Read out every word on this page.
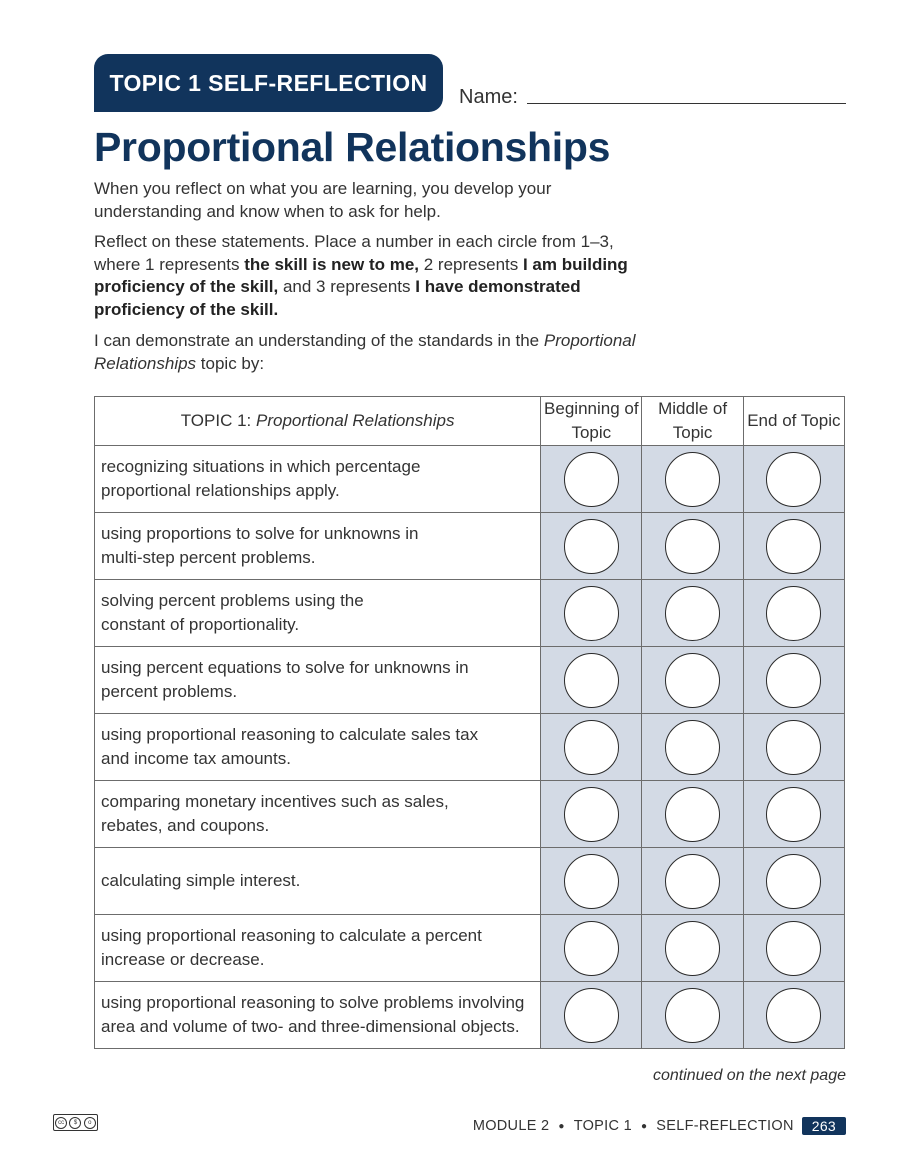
TOPIC 1 SELF-REFLECTION
Name:
Proportional Relationships
When you reflect on what you are learning, you develop your understanding and know when to ask for help.
Reflect on these statements. Place a number in each circle from 1–3, where 1 represents the skill is new to me, 2 represents I am building proficiency of the skill, and 3 represents I have demonstrated proficiency of the skill.
I can demonstrate an understanding of the standards in the Proportional Relationships topic by:
TOPIC 1: Proportional Relationships	Beginning of Topic	Middle of Topic	End of Topic

recognizing situations in which percentage
proportional relationships apply.			

using proportions to solve for unknowns in
multi-step percent problems.			

solving percent problems using the
constant of proportionality.			

using percent equations to solve for unknowns in
percent problems.			

using proportional reasoning to calculate sales tax
and income tax amounts.			

comparing monetary incentives such as sales,
rebates, and coupons.			

calculating simple interest.			

using proportional reasoning to calculate a percent
increase or decrease.			

using proportional reasoning to solve problems involving
area and volume of two- and three-dimensional objects.			

continued on the next page
cc	$	o	MODULE 2 ● TOPIC 1 ● SELF-REFLECTION	263
